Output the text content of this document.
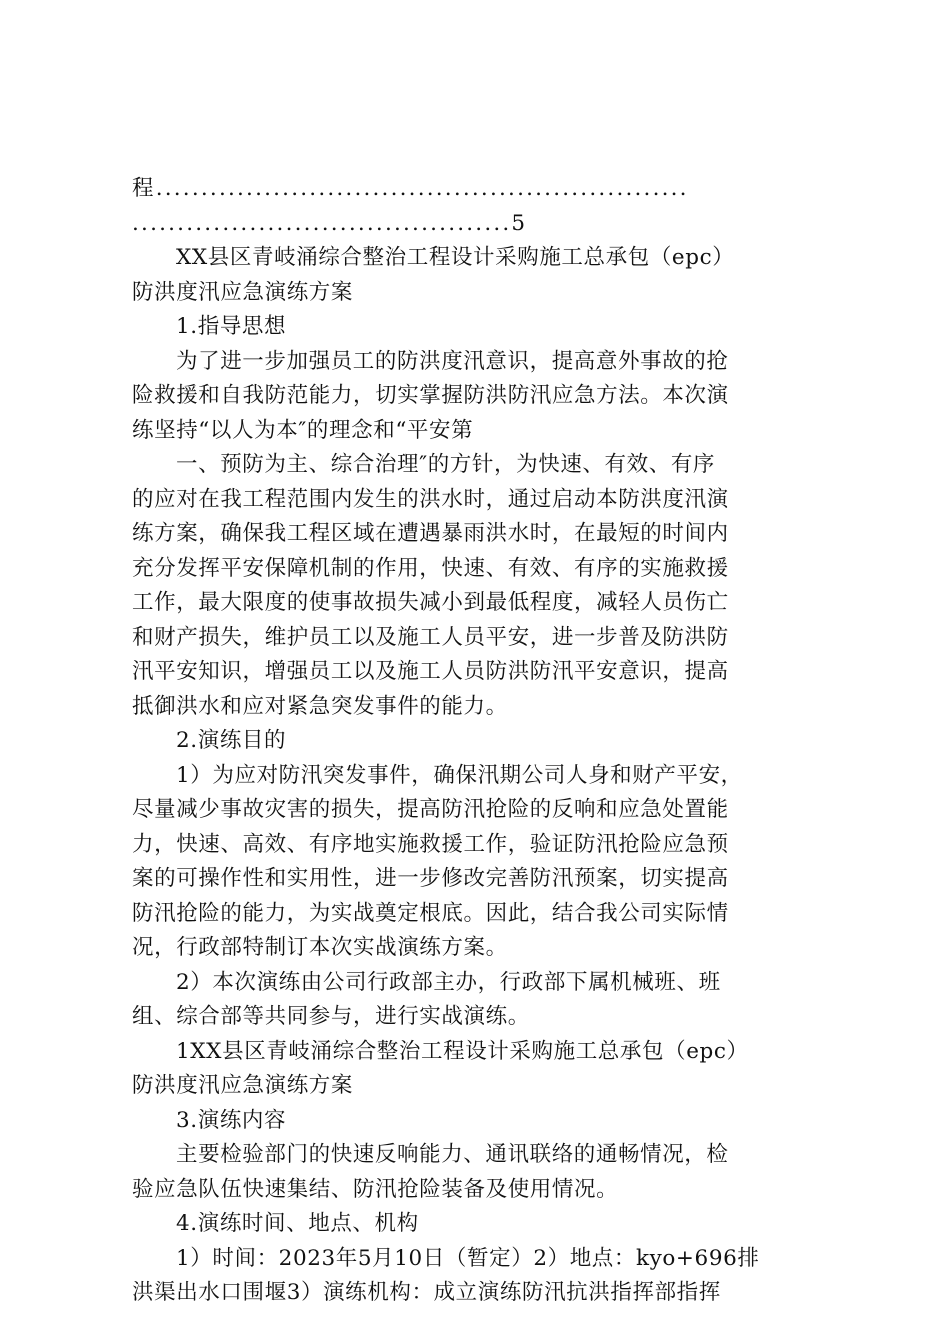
程...........................................................
..........................................5
XX县区青岐涌综合整治工程设计采购施工总承包（epc）
防洪度汛应急演练方案
1.指导思想
为了进一步加强员工的防洪度汛意识，提高意外事故的抢
险救援和自我防范能力，切实掌握防洪防汛应急方法。本次演
练坚持“以人为本″的理念和“平安第
一、预防为主、综合治理″的方针，为快速、有效、有序
的应对在我工程范围内发生的洪水时，通过启动本防洪度汛演
练方案，确保我工程区域在遭遇暴雨洪水时，在最短的时间内
充分发挥平安保障机制的作用，快速、有效、有序的实施救援
工作，最大限度的使事故损失减小到最低程度，减轻人员伤亡
和财产损失，维护员工以及施工人员平安，进一步普及防洪防
汛平安知识，增强员工以及施工人员防洪防汛平安意识，提高
抵御洪水和应对紧急突发事件的能力。
2.演练目的
1）为应对防汛突发事件，确保汛期公司人身和财产平安，
尽量减少事故灾害的损失，提高防汛抢险的反响和应急处置能
力，快速、高效、有序地实施救援工作，验证防汛抢险应急预
案的可操作性和实用性，进一步修改完善防汛预案，切实提高
防汛抢险的能力，为实战奠定根底。因此，结合我公司实际情
况，行政部特制订本次实战演练方案。
2）本次演练由公司行政部主办，行政部下属机械班、班
组、综合部等共同参与，进行实战演练。
1XX县区青岐涌综合整治工程设计采购施工总承包（epc）
防洪度汛应急演练方案
3.演练内容
主要检验部门的快速反响能力、通讯联络的通畅情况，检
验应急队伍快速集结、防汛抢险装备及使用情况。
4.演练时间、地点、机构
1）时间：2023年5月10日（暂定）2）地点：kyo+696排
洪渠出水口围堰3）演练机构：成立演练防汛抗洪指挥部指挥
